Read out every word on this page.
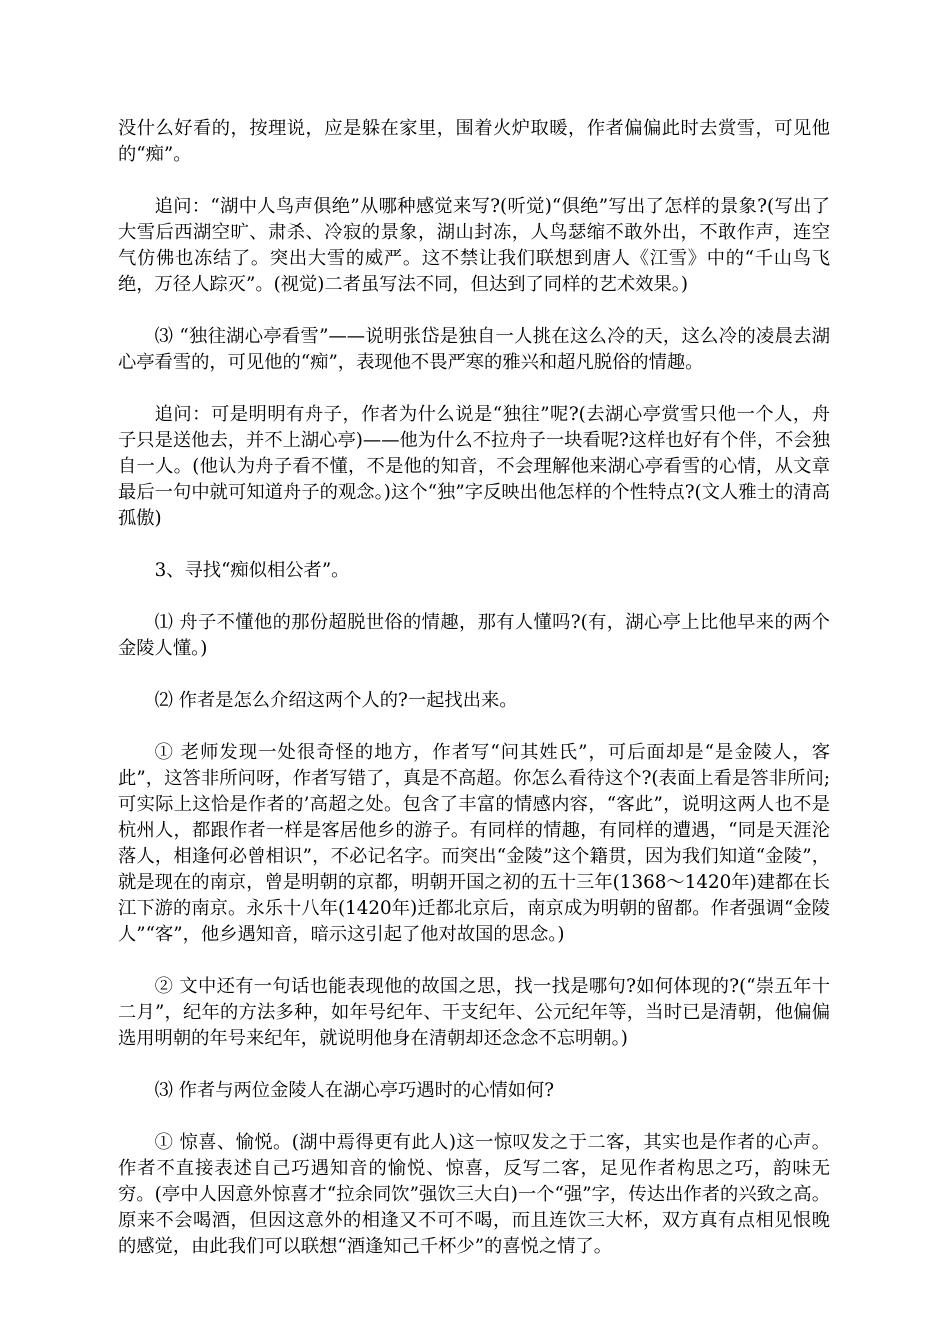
没什么好看的，按理说，应是躲在家里，围着火炉取暖，作者偏偏此时去赏雪，可见他的“痴”。

追问：“湖中人鸟声俱绝”从哪种感觉来写?(听觉)“俱绝”写出了怎样的景象?(写出了大雪后西湖空旷、肃杀、冷寂的景象，湖山封冻，人鸟瑟缩不敢外出，不敢作声，连空气仿佛也冻结了。突出大雪的威严。这不禁让我们联想到唐人《江雪》中的“千山鸟飞绝，万径人踪灭”。(视觉)二者虽写法不同，但达到了同样的艺术效果。)

⑶ “独往湖心亭看雪”——说明张岱是独自一人挑在这么冷的天，这么冷的凌晨去湖心亭看雪的，可见他的“痴”，表现他不畏严寒的雅兴和超凡脱俗的情趣。

追问：可是明明有舟子，作者为什么说是“独往”呢?(去湖心亭赏雪只他一个人，舟子只是送他去，并不上湖心亭)——他为什么不拉舟子一块看呢?这样也好有个伴，不会独自一人。(他认为舟子看不懂，不是他的知音，不会理解他来湖心亭看雪的心情，从文章最后一句中就可知道舟子的观念。)这个“独”字反映出他怎样的个性特点?(文人雅士的清高孤傲)

3、寻找“痴似相公者”。

⑴ 舟子不懂他的那份超脱世俗的情趣，那有人懂吗?(有，湖心亭上比他早来的两个金陵人懂。)

⑵ 作者是怎么介绍这两个人的?一起找出来。

① 老师发现一处很奇怪的地方，作者写“问其姓氏”，可后面却是“是金陵人，客此”，这答非所问呀，作者写错了，真是不高超。你怎么看待这个?(表面上看是答非所问;可实际上这恰是作者的’高超之处。包含了丰富的情感内容，“客此”，说明这两人也不是杭州人，都跟作者一样是客居他乡的游子。有同样的情趣，有同样的遭遇，“同是天涯沦落人，相逢何必曾相识”，不必记名字。而突出“金陵”这个籍贯，因为我们知道“金陵”，就是现在的南京，曾是明朝的京都，明朝开国之初的五十三年(1368～1420年)建都在长江下游的南京。永乐十八年(1420年)迁都北京后，南京成为明朝的留都。作者强调“金陵人”“客”，他乡遇知音，暗示这引起了他对故国的思念。)

② 文中还有一句话也能表现他的故国之思，找一找是哪句?如何体现的?(“崇五年十二月”，纪年的方法多种，如年号纪年、干支纪年、公元纪年等，当时已是清朝，他偏偏选用明朝的年号来纪年，就说明他身在清朝却还念念不忘明朝。)

⑶ 作者与两位金陵人在湖心亭巧遇时的心情如何?

① 惊喜、愉悦。(湖中焉得更有此人)这一惊叹发之于二客，其实也是作者的心声。作者不直接表述自己巧遇知音的愉悦、惊喜，反写二客，足见作者构思之巧，韵味无穷。(亭中人因意外惊喜才“拉余同饮”强饮三大白)一个“强”字，传达出作者的兴致之高。原来不会喝酒，但因这意外的相逢又不可不喝，而且连饮三大杯，双方真有点相见恨晚的感觉，由此我们可以联想“酒逢知己千杯少”的喜悦之情了。
